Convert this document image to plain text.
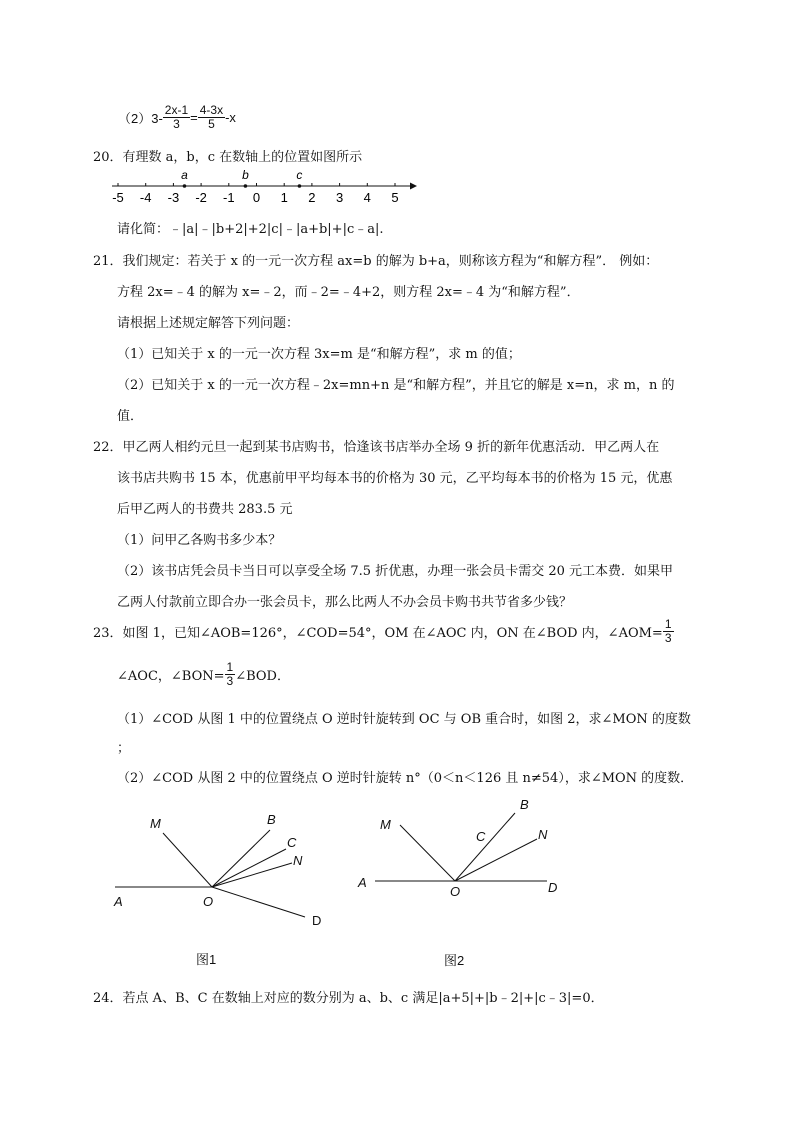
$(2)3- \frac{2x-1}{3} = \frac{4-3x}{5} -x$
20．有理数 a，b，c 在数轴上的位置如图所示
-5 -4 -3 -2 -1 0 1 2 3 4 5
a	b	c
请化简：﹣|a|﹣|b+2|+2|c|﹣|a+b|+|c﹣a|.
21．我们规定：若关于 x 的一元一次方程 ax=b 的解为 b+a，则称该方程为“和解方程”． 例如：
方程 2x=﹣4 的解为 x=﹣2，而﹣2=﹣4+2，则方程 2x=﹣4 为“和解方程”．
请根据上述规定解答下列问题：
（1）已知关于 x 的一元一次方程 3x=m 是“和解方程”，求 m 的值；
（2）已知关于 x 的一元一次方程﹣2x=mn+n 是“和解方程”，并且它的解是 x=n，求 m，n 的
值．
22．甲乙两人相约元旦一起到某书店购书，恰逢该书店举办全场 9 折的新年优惠活动．甲乙两人在
该书店共购书 15 本，优惠前甲平均每本书的价格为 30 元，乙平均每本书的价格为 15 元，优惠
后甲乙两人的书费共 283.5 元
（1）问甲乙各购书多少本？
（2）该书店凭会员卡当日可以享受全场 7.5 折优惠，办理一张会员卡需交 20 元工本费．如果甲
乙两人付款前立即合办一张会员卡，那么比两人不办会员卡购书共节省多少钱？
23．如图 1，已知∠AOB=126°，∠COD=54°，OM 在∠AOC 内，ON 在∠BOD 内，∠AOM= $\frac{1}{3}$
∠AOC，∠BON= $\frac{1}{3}$ ∠BOD．
（1）∠COD 从图 1 中的位置绕点 O 逆时针旋转到 OC 与 OB 重合时，如图 2，求∠MON 的度数
；
（2）∠COD 从图 2 中的位置绕点 O 逆时针旋转 n°（0＜n＜126 且 n≠54），求∠MON 的度数．
M	B
C
N
A	O
D
图1
M
B
C	N
A
O	D
图2
24．若点 A、B、C 在数轴上对应的数分别为 a、b、c 满足|a+5|+|b﹣2|+|c﹣3|=0．
